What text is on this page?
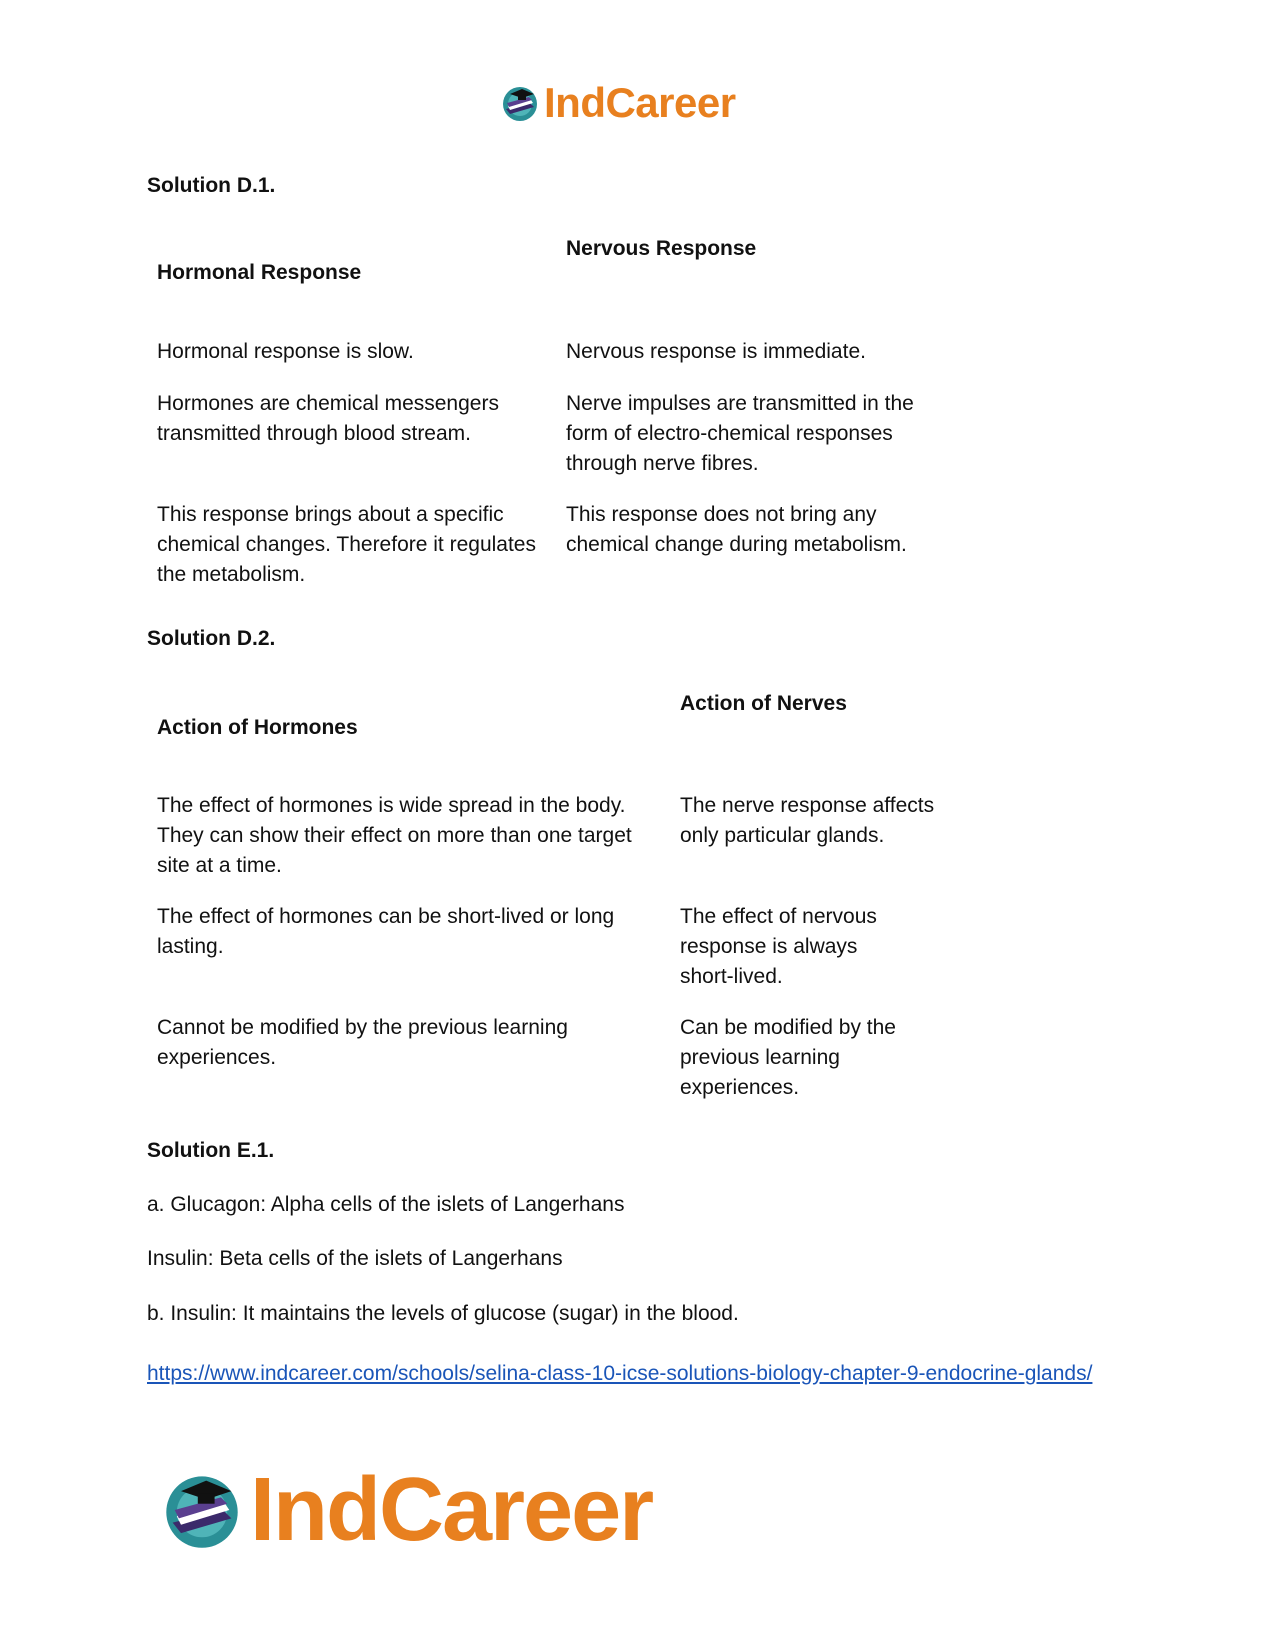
IndCareer
Solution D.1.
Hormonal Response
Nervous Response
Hormonal response is slow.	Nervous response is immediate.
Hormones are chemical messengers transmitted through blood stream.
Nerve impulses are transmitted in the form of electro-chemical responses through nerve fibres.
This response brings about a specific chemical changes. Therefore it regulates the metabolism.
This response does not bring any chemical change during metabolism.
Solution D.2.
Action of Hormones
Action of Nerves
The effect of hormones is wide spread in the body. They can show their effect on more than one target site at a time.
The nerve response affects only particular glands.
The effect of hormones can be short-lived or long lasting.
The effect of nervous response is always short-lived.
Cannot be modified by the previous learning experiences.
Can be modified by the previous learning experiences.
Solution E.1.
a. Glucagon: Alpha cells of the islets of Langerhans
Insulin: Beta cells of the islets of Langerhans
b. Insulin: It maintains the levels of glucose (sugar) in the blood.
https://www.indcareer.com/schools/selina-class-10-icse-solutions-biology-chapter-9-endocrine-glands/
IndCareer
